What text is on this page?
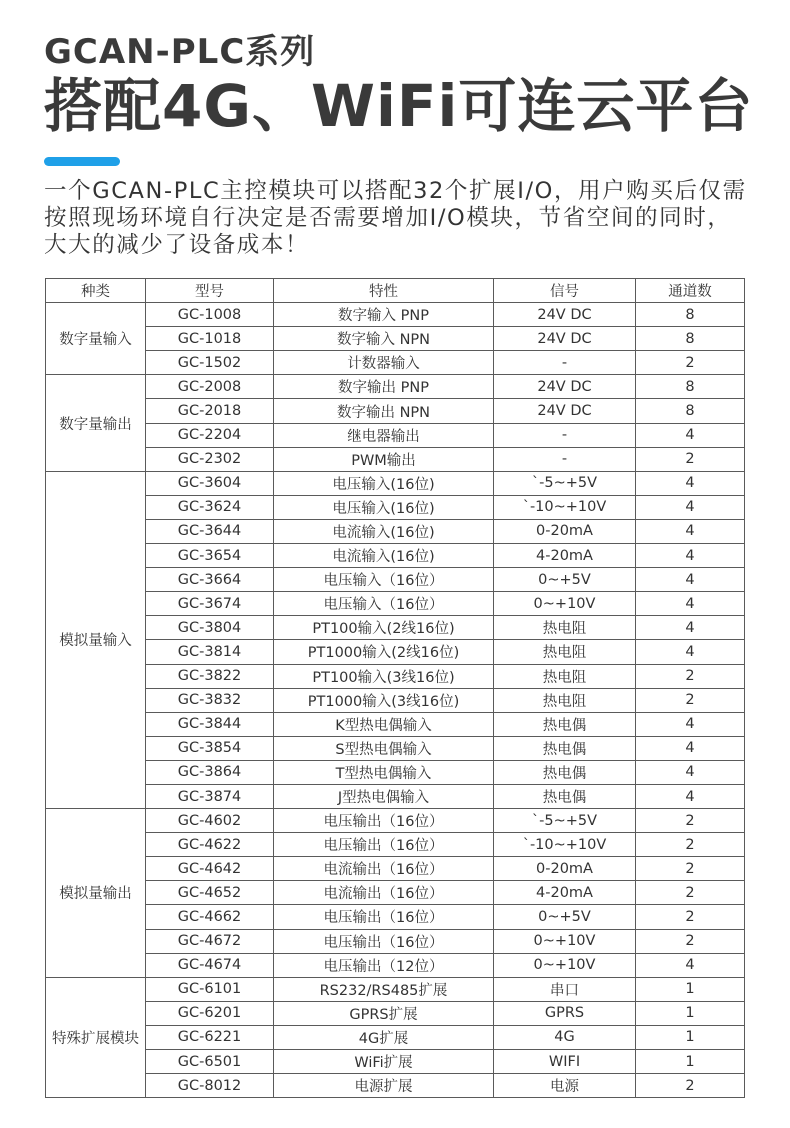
GCAN-PLC系列
搭配4G、WiFi可连云平台

一个GCAN-PLC主控模块可以搭配32个扩展I/O，用户购买后仅需按照现场环境自行决定是否需要增加I/O模块，节省空间的同时，大大的减少了设备成本！

种类	型号	特性	信号	通道数
数字量输入	GC-1008	数字输入 PNP	24V DC	8
	GC-1018	数字输入 NPN	24V DC	8
	GC-1502	计数器输入	-	2
数字量输出	GC-2008	数字输出 PNP	24V DC	8
	GC-2018	数字输出 NPN	24V DC	8
	GC-2204	继电器输出	-	4
	GC-2302	PWM输出	-	2
模拟量输入	GC-3604	电压输入(16位)	`-5~+5V	4
	GC-3624	电压输入(16位)	`-10~+10V	4
	GC-3644	电流输入(16位)	0-20mA	4
	GC-3654	电流输入(16位)	4-20mA	4
	GC-3664	电压输入（16位）	0~+5V	4
	GC-3674	电压输入（16位）	0~+10V	4
	GC-3804	PT100输入(2线16位)	热电阻	4
	GC-3814	PT1000输入(2线16位)	热电阻	4
	GC-3822	PT100输入(3线16位)	热电阻	2
	GC-3832	PT1000输入(3线16位)	热电阻	2
	GC-3844	K型热电偶输入	热电偶	4
	GC-3854	S型热电偶输入	热电偶	4
	GC-3864	T型热电偶输入	热电偶	4
	GC-3874	J型热电偶输入	热电偶	4
模拟量输出	GC-4602	电压输出（16位）	`-5~+5V	2
	GC-4622	电压输出（16位）	`-10~+10V	2
	GC-4642	电流输出（16位）	0-20mA	2
	GC-4652	电流输出（16位）	4-20mA	2
	GC-4662	电压输出（16位）	0~+5V	2
	GC-4672	电压输出（16位）	0~+10V	2
	GC-4674	电压输出（12位）	0~+10V	4
特殊扩展模块	GC-6101	RS232/RS485扩展	串口	1
	GC-6201	GPRS扩展	GPRS	1
	GC-6221	4G扩展	4G	1
	GC-6501	WiFi扩展	WIFI	1
	GC-8012	电源扩展	电源	2
